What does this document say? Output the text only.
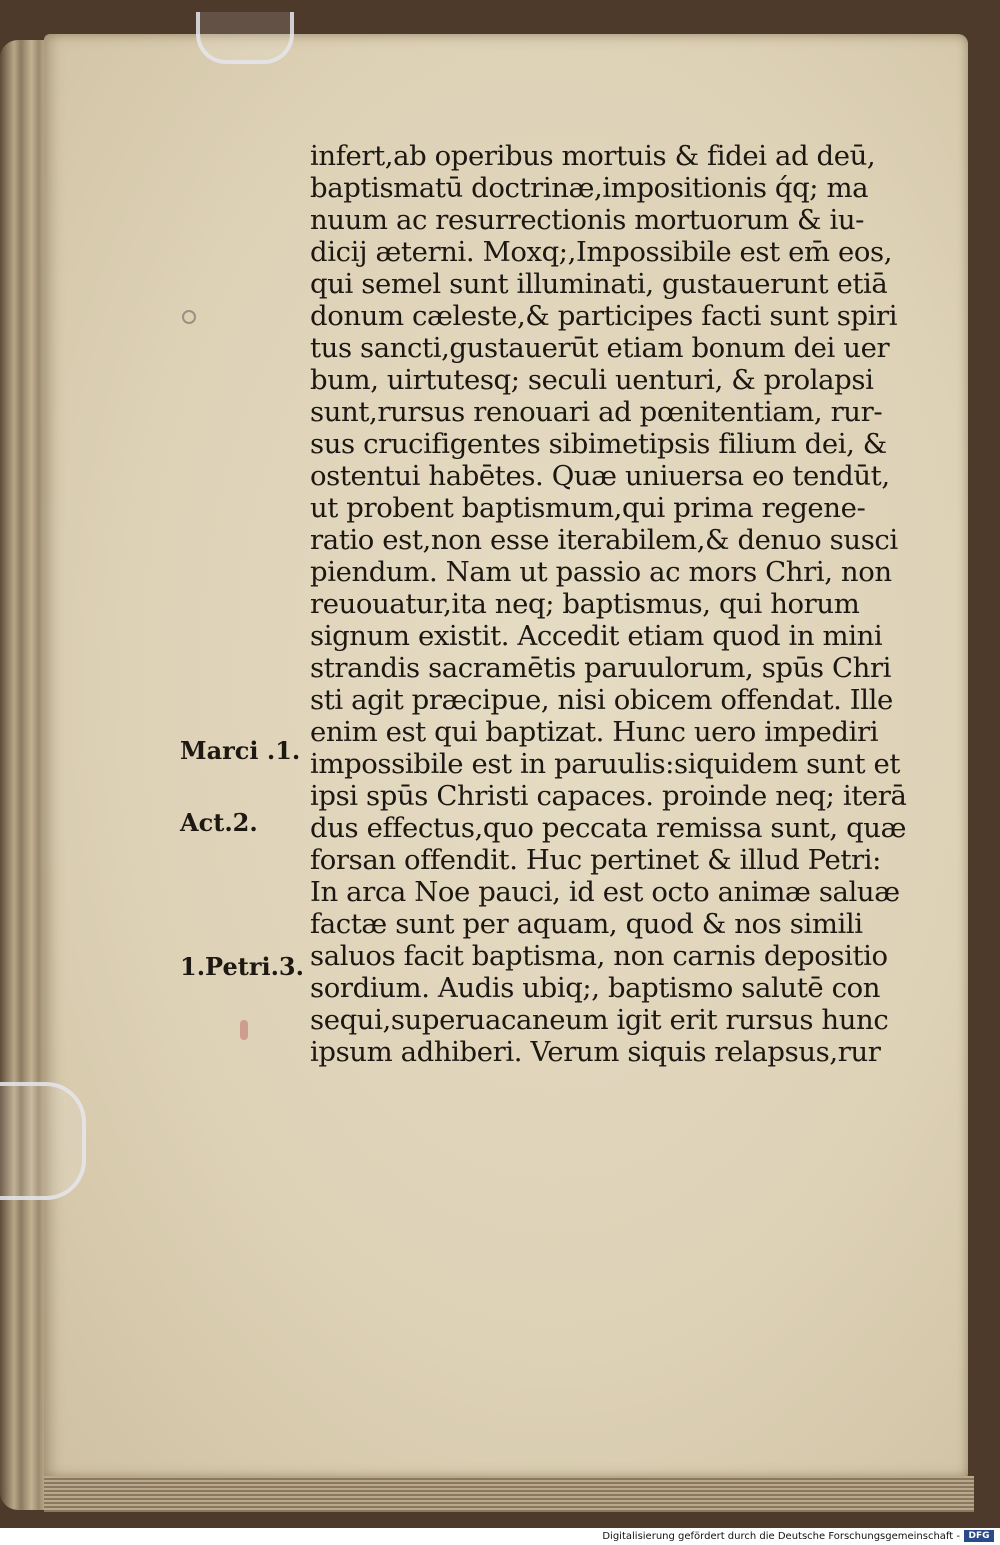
infert,ab operibus mortuis & fidei ad deū,
baptismatū doctrinæ,impositionis q́q; ma
nuum ac resurrectionis mortuorum & iu-
dicij æterni. Moxq;,Impossibile est em̄ eos,
qui semel sunt illuminati, gustauerunt etiā
donum cæleste,& participes facti sunt spiri
tus sancti,gustauerūt etiam bonum dei uer
bum, uirtutesq; seculi uenturi, & prolapsi
sunt,rursus renouari ad pœnitentiam, rur-
sus crucifigentes sibimetipsis filium dei, &
ostentui habētes. Quæ uniuersa eo tendūt,
ut probent baptismum,qui prima regene-
ratio est,non esse iterabilem,& denuo susci
piendum. Nam ut passio ac mors Chri, non
reuouatur,ita neq; baptismus, qui horum
signum existit. Accedit etiam quod in mini
strandis sacramētis paruulorum, spūs Chri
sti agit præcipue, nisi obicem offendat. Ille
enim est qui baptizat. Hunc uero impediri
impossibile est in paruulis:siquidem sunt et
ipsi spūs Christi capaces. proinde neq; iterā
dus effectus,quo peccata remissa sunt, quæ
forsan offendit. Huc pertinet & illud Petri:
In arca Noe pauci, id est octo animæ saluæ
factæ sunt per aquam, quod & nos simili
saluos facit baptisma, non carnis depositio
sordium. Audis ubiq;, baptismo salutē con
sequi,superuacaneum igit erit rursus hunc
ipsum adhiberi. Verum siquis relapsus,rur
Marci .1.
Act.2.
1.Petri.3.
Digitalisierung gefördert durch die Deutsche Forschungsgemeinschaft - DFG
